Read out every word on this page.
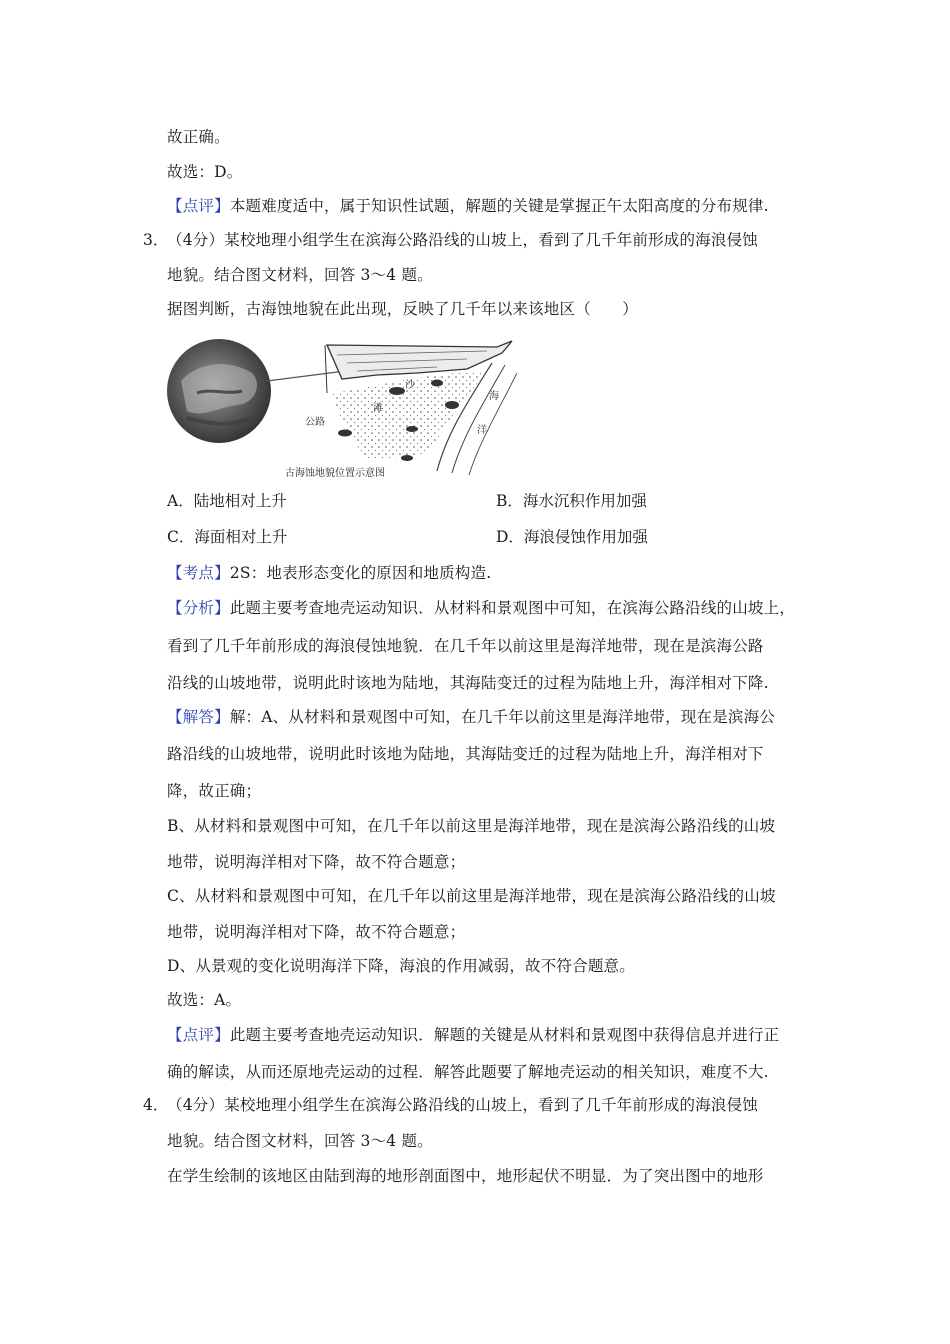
故正确。
故选：D。
【点评】本题难度适中，属于知识性试题，解题的关键是掌握正午太阳高度的分布规律.
3．
（4分）某校地理小组学生在滨海公路沿线的山坡上，看到了几千年前形成的海浪侵蚀
地貌。结合图文材料，回答 3～4 题。
据图判断，古海蚀地貌在此出现，反映了几千年以来该地区（　　）
沙
滩
公路
海
洋
古海蚀地貌位置示意图
A．陆地相对上升	B．海水沉积作用加强
C．海面相对上升	D．海浪侵蚀作用加强
【考点】2S：地表形态变化的原因和地质构造.
【分析】此题主要考查地壳运动知识．从材料和景观图中可知，在滨海公路沿线的山坡上，
看到了几千年前形成的海浪侵蚀地貌．在几千年以前这里是海洋地带，现在是滨海公路
沿线的山坡地带，说明此时该地为陆地，其海陆变迁的过程为陆地上升，海洋相对下降.
【解答】解：A、从材料和景观图中可知，在几千年以前这里是海洋地带，现在是滨海公
路沿线的山坡地带，说明此时该地为陆地，其海陆变迁的过程为陆地上升，海洋相对下
降，故正确；
B、从材料和景观图中可知，在几千年以前这里是海洋地带，现在是滨海公路沿线的山坡
地带，说明海洋相对下降，故不符合题意；
C、从材料和景观图中可知，在几千年以前这里是海洋地带，现在是滨海公路沿线的山坡
地带，说明海洋相对下降，故不符合题意；
D、从景观的变化说明海洋下降，海浪的作用减弱，故不符合题意。
故选：A。
【点评】此题主要考查地壳运动知识．解题的关键是从材料和景观图中获得信息并进行正
确的解读，从而还原地壳运动的过程．解答此题要了解地壳运动的相关知识，难度不大.
4．
（4分）某校地理小组学生在滨海公路沿线的山坡上，看到了几千年前形成的海浪侵蚀
地貌。结合图文材料，回答 3～4 题。
在学生绘制的该地区由陆到海的地形剖面图中，地形起伏不明显．为了突出图中的地形
